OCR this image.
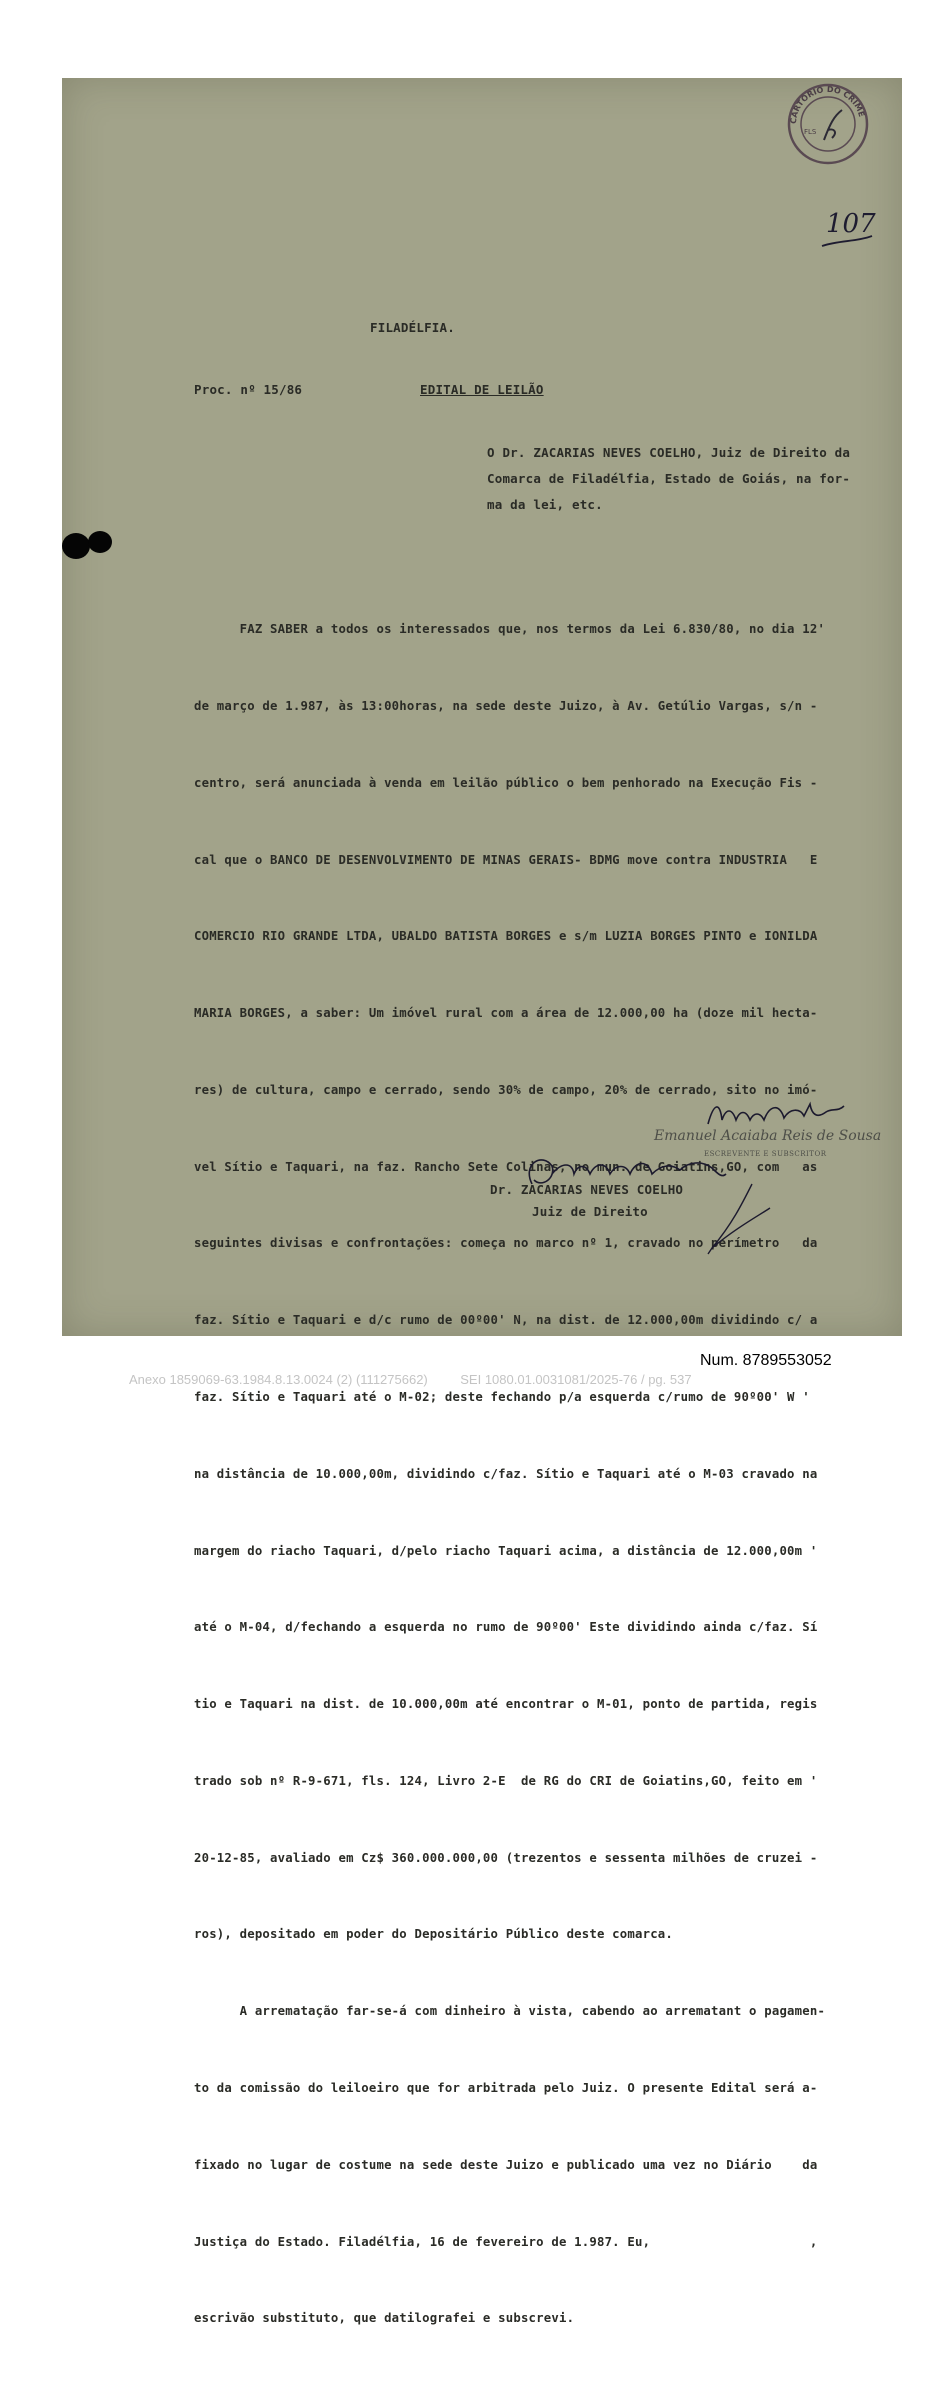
CARTÓRIO DO CRIME
FLS
107
FILADÉLFIA.
Proc. nº 15/86	EDITAL DE LEILÃO
O Dr. ZACARIAS NEVES COELHO, Juiz de Direito da
Comarca de Filadélfia, Estado de Goiás, na for-
ma da lei, etc.

FAZ SABER a todos os interessados que, nos termos da Lei 6.830/80, no dia 12'

de março de 1.987, às 13:00horas, na sede deste Juizo, à Av. Getúlio Vargas, s/n -

centro, será anunciada à venda em leilão público o bem penhorado na Execução Fis -

cal que o BANCO DE DESENVOLVIMENTO DE MINAS GERAIS- BDMG move contra INDUSTRIA   E

COMERCIO RIO GRANDE LTDA, UBALDO BATISTA BORGES e s/m LUZIA BORGES PINTO e IONILDA

MARIA BORGES, a saber: Um imóvel rural com a área de 12.000,00 ha (doze mil hecta-

res) de cultura, campo e cerrado, sendo 30% de campo, 20% de cerrado, sito no imó-

vel Sítio e Taquari, na faz. Rancho Sete Colinas, no mun. de Goiatins,GO, com   as

seguintes divisas e confrontações: começa no marco nº 1, cravado no perímetro   da

faz. Sítio e Taquari e d/c rumo de 00º00' N, na dist. de 12.000,00m dividindo c/ a

faz. Sítio e Taquari até o M-02; deste fechando p/a esquerda c/rumo de 90º00' W '

na distância de 10.000,00m, dividindo c/faz. Sítio e Taquari até o M-03 cravado na

margem do riacho Taquari, d/pelo riacho Taquari acima, a distância de 12.000,00m '

até o M-04, d/fechando a esquerda no rumo de 90º00' Este dividindo ainda c/faz. Sí

tio e Taquari na dist. de 10.000,00m até encontrar o M-01, ponto de partida, regis

trado sob nº R-9-671, fls. 124, Livro 2-E  de RG do CRI de Goiatins,GO, feito em '

20-12-85, avaliado em Cz$ 360.000.000,00 (trezentos e sessenta milhões de cruzei -

ros), depositado em poder do Depositário Público deste comarca.

A arrematação far-se-á com dinheiro à vista, cabendo ao arrematant o pagamen-

to da comissão do leiloeiro que for arbitrada pelo Juiz. O presente Edital será a-

fixado no lugar de costume na sede deste Juizo e publicado uma vez no Diário    da

Justiça do Estado. Filadélfia, 16 de fevereiro de 1.987. Eu,                     ,

escrivão substituto, que datilografei e subscrevi.

Emanuel Acaiaba Reis de Sousa
ESCREVENTE E SUBSCRITOR
Dr. ZACARIAS NEVES COELHO
Juiz de Direito
Num. 8789553052
Anexo 1859069-63.1984.8.13.0024 (2) (111275662)         SEI 1080.01.0031081/2025-76 / pg. 537
